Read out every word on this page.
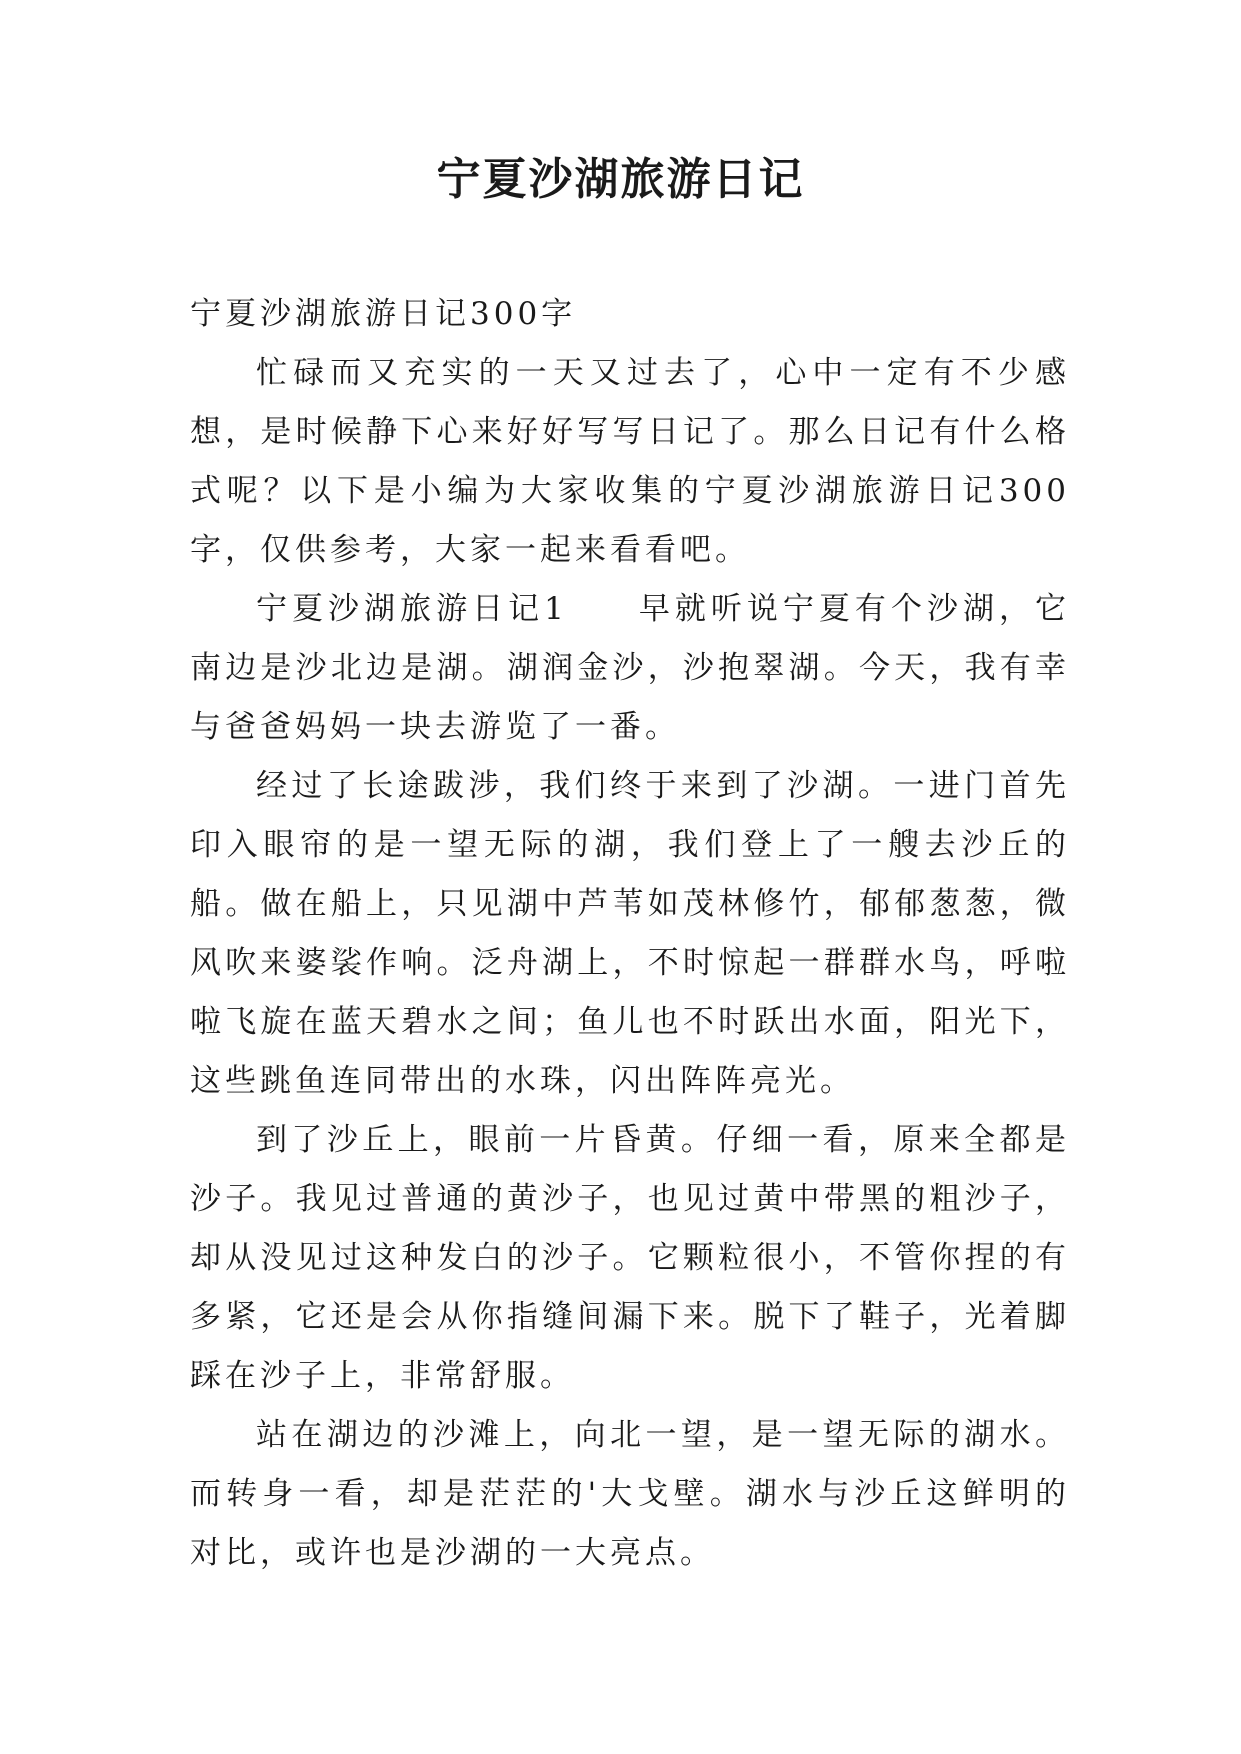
宁夏沙湖旅游日记

宁夏沙湖旅游日记300字

忙碌而又充实的一天又过去了，心中一定有不少感想，是时候静下心来好好写写日记了。那么日记有什么格式呢？以下是小编为大家收集的宁夏沙湖旅游日记300字，仅供参考，大家一起来看看吧。

宁夏沙湖旅游日记1 早就听说宁夏有个沙湖，它南边是沙北边是湖。湖润金沙，沙抱翠湖。今天，我有幸与爸爸妈妈一块去游览了一番。

经过了长途跋涉，我们终于来到了沙湖。一进门首先印入眼帘的是一望无际的湖，我们登上了一艘去沙丘的船。做在船上，只见湖中芦苇如茂林修竹，郁郁葱葱，微风吹来婆裟作响。泛舟湖上，不时惊起一群群水鸟，呼啦啦飞旋在蓝天碧水之间；鱼儿也不时跃出水面，阳光下，这些跳鱼连同带出的水珠，闪出阵阵亮光。

到了沙丘上，眼前一片昏黄。仔细一看，原来全都是沙子。我见过普通的黄沙子，也见过黄中带黑的粗沙子，却从没见过这种发白的沙子。它颗粒很小，不管你捏的有多紧，它还是会从你指缝间漏下来。脱下了鞋子，光着脚踩在沙子上，非常舒服。

站在湖边的沙滩上，向北一望，是一望无际的湖水。而转身一看，却是茫茫的'大戈壁。湖水与沙丘这鲜明的对比，或许也是沙湖的一大亮点。
